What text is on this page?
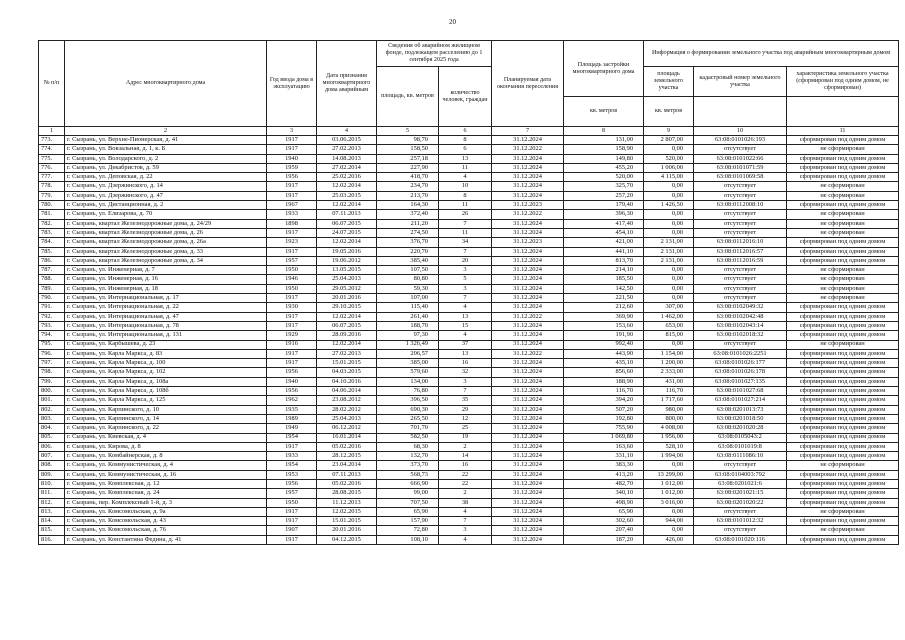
20
№ п/п	Адрес многоквартирного дома	Год ввода дома в эксплуатацию	Дата признания многоквартирного дома аварийным	Сведения об аварийном жилищном фонде, подлежащем расселению до 1 сентября 2025 года		Планируемая дата окончания переселения	Площадь застройки многоквартирного дома	Информация о формировании земельного участка под аварийным многоквартирным домом		
				площадь, кв. метров	количество человек, граждан			площадь земельного участка	кадастровый номер земельного участка	характеристика земельного участка (сформирован под одним домом, не сформирован)
							кв. метров	кв. метров		
1	2	3	4	5	6	7	8	9	10	11
773.	г. Сызрань, ул. Верхне-Пионерская, д. 41	1917	03.06.2015	98,70	8	31.12.2024	131,00	2 807,00	63:08:0101026:193	сформирован под одним домом
774.	г. Сызрань, ул. Вокзальная, д. 1, к. Б	1917	27.02.2013	158,50	6	31.12.2022	158,90	0,00	отсутствует	не сформирован
775.	г. Сызрань, ул. Володарского, д. 2	1940	14.08.2013	257,18	13	31.12.2024	149,80	520,00	63:08:0101022:66	сформирован под одним домом
776.	г. Сызрань, ул. Декабристов, д. 59	1959	27.02.2014	227,90	11	31.12.2024	455,20	1 006,00	63:08:0101071:59	сформирован под одним домом
777.	г. Сызрань, ул. Деповская, д. 22	1956	25.02.2016	418,70	4	31.12.2024	520,00	4 115,00	63:08:0101069:58	сформирован под одним домом
778.	г. Сызрань, ул. Дзержинского, д. 14	1917	12.02.2014	234,70	10	31.12.2024	325,70	0,00	отсутствует	не сформирован
779.	г. Сызрань, ул. Дзержинского, д. 47	1917	25.03.2015	213,70	8	31.12.2024	257,20	0,00	отсутствует	не сформирован
780.	г. Сызрань, ул. Дистанционная, д. 2	1967	12.02.2014	164,30	11	31.12.2023	179,40	1 426,50	63:08:0112008:10	сформирован под одним домом
781.	г. Сызрань, ул. Елизарова, д. 70	1933	07.11.2013	372,40	26	31.12.2022	396,30	0,00	отсутствует	не сформирован
782.	г. Сызрань, квартал Железнодорожные дома, д. 24/29	1898	06.07.2015	211,20	7	31.12.2024	417,40	0,00	отсутствует	не сформирован
783.	г. Сызрань, квартал Железнодорожные дома, д. 26	1917	24.07.2015	274,50	11	31.12.2024	454,10	0,00	отсутствует	не сформирован
784.	г. Сызрань, квартал Железнодорожные дома, д. 26а	1923	12.02.2014	376,70	34	31.12.2023	421,00	2 131,00	63:08:0112016:10	сформирован под одним домом
785.	г. Сызрань, квартал Железнодорожные дома, д. 33	1917	19.05.2016	220,70	7	31.12.2024	441,10	2 131,00	63:08:0112016:57	сформирован под одним домом
786.	г. Сызрань, квартал Железнодорожные дома, д. 34	1957	19.06.2012	385,40	20	31.12.2024	813,70	2 131,00	63:08:0112016:59	сформирован под одним домом
787.	г. Сызрань, ул. Инженерная, д. 7	1950	13.05.2015	107,50	3	31.12.2024	214,10	0,00	отсутствует	не сформирован
788.	г. Сызрань, ул. Инженерная, д. 16	1946	25.04.2013	80,80	5	31.12.2024	185,50	0,00	отсутствует	не сформирован
789.	г. Сызрань, ул. Инженерная, д. 18	1950	29.05.2012	59,30	3	31.12.2024	142,50	0,00	отсутствует	не сформирован
790.	г. Сызрань, ул. Интернациональная, д. 17	1917	20.01.2016	107,00	7	31.12.2024	221,50	0,00	отсутствует	не сформирован
791.	г. Сызрань, ул. Интернациональная, д. 22	1930	29.10.2015	115,40	4	31.12.2024	212,60	307,00	63:08:0102049:32	сформирован под одним домом
792.	г. Сызрань, ул. Интернациональная, д. 47	1917	12.02.2014	261,40	13	31.12.2022	369,90	1 462,00	63:08:0102042:48	сформирован под одним домом
793.	г. Сызрань, ул. Интернациональная, д. 78	1917	06.07.2015	188,70	15	31.12.2024	153,60	653,00	63:08:0102043:14	сформирован под одним домом
794.	г. Сызрань, ул. Интернациональная, д. 131	1929	28.09.2016	97,30	4	31.12.2024	191,90	815,00	63:08:0102018:32	сформирован под одним домом
795.	г. Сызрань, ул. Карбышева, д. 23	1916	12.02.2014	1 326,49	37	31.12.2024	992,40	0,00	отсутствует	не сформирован
796.	г. Сызрань, ул. Карла Маркса, д. 83	1917	27.02.2013	206,57	13	31.12.2022	443,90	1 154,00	63:08:0101026:2251	сформирован под одним домом
797.	г. Сызрань, ул. Карла Маркса, д. 100	1917	15.01.2015	385,00	16	31.12.2024	435,10	1 200,00	63:08:0101026:177	сформирован под одним домом
798.	г. Сызрань, ул. Карла Маркса, д. 102	1956	04.03.2015	579,60	32	31.12.2024	856,60	2 333,00	63:08:0101026:178	сформирован под одним домом
799.	г. Сызрань, ул. Карла Маркса, д. 108а	1940	04.10.2016	134,00	3	31.12.2024	188,90	431,00	63:08:0101027:135	сформирован под одним домом
800.	г. Сызрань, ул. Карла Маркса, д. 108б	1956	04.06.2014	76,80	7	31.12.2024	116,70	116,70	63:08:0101027:68	сформирован под одним домом
801.	г. Сызрань, ул. Карла Маркса, д. 125	1962	23.08.2012	396,50	35	31.12.2024	394,20	1 717,60	63:08:0101027:214	сформирован под одним домом
802.	г. Сызрань, ул. Карпинского, д. 10	1935	28.02.2012	690,30	29	31.12.2024	507,20	980,00	63:08:0201013:73	сформирован под одним домом
803.	г. Сызрань, ул. Карпинского, д. 14	1989	25.04.2013	265,50	12	31.12.2024	192,80	800,00	63:08:0201018:50	сформирован под одним домом
804.	г. Сызрань, ул. Карпинского, д. 22	1949	06.12.2012	701,70	25	31.12.2024	755,90	4 008,00	63:08:0201020:28	сформирован под одним домом
805.	г. Сызрань, ул. Киевская, д. 4	1954	16.01.2014	582,50	19	31.12.2024	1 069,80	1 956,00	63:08:0105043:2	сформирован под одним домом
806.	г. Сызрань, ул. Кирова, д. 8	1917	05.02.2016	68,30	2	31.12.2024	163,60	528,10	63:08:0101019:8	сформирован под одним домом
807.	г. Сызрань, ул. Комбайнерская, д. 8	1933	28.12.2015	132,70	14	31.12.2024	331,10	1 994,00	63:08:0111086:10	сформирован под одним домом
808.	г. Сызрань, ул. Коммунистическая, д. 4	1954	23.04.2014	373,70	16	31.12.2024	383,30	0,00	отсутствует	не сформирован
809.	г. Сызрань, ул. Коммунистическая, д. 16	1953	07.11.2013	568,73	22	31.12.2024	413,20	13 299,00	63:08:0104003:792	сформирован под одним домом
810.	г. Сызрань, ул. Комплексная, д. 12	1956	05.02.2016	666,90	22	31.12.2024	482,70	1 012,00	63:08:0201021:6	сформирован под одним домом
811.	г. Сызрань, ул. Комплексная, д. 24	1957	28.08.2015	99,00	2	31.12.2024	340,10	1 012,00	63:08:0201021:15	сформирован под одним домом
812.	г. Сызрань, пер. Комплексный 1-й, д. 3	1950	11.12.2013	707,50	38	31.12.2024	498,90	3 016,00	63:08:0201020:22	сформирован под одним домом
813.	г. Сызрань, ул. Комсомольская, д. 9а	1917	12.02.2015	65,90	4	31.12.2024	65,90	0,00	отсутствует	не сформирован
814.	г. Сызрань, ул. Комсомольская, д. 43	1917	15.01.2015	157,90	7	31.12.2024	302,60	944,00	63:08:0101012:32	сформирован под одним домом
815.	г. Сызрань, ул. Комсомольская, д. 76	1907	20.01.2016	72,80	3	31.12.2024	207,40	0,00	отсутствует	не сформирован
816.	г. Сызрань, ул. Константина Федина, д. 41	1917	04.12.2015	108,10	4	31.12.2024	187,20	426,00	63:08:0101020:116	сформирован под одним домом
